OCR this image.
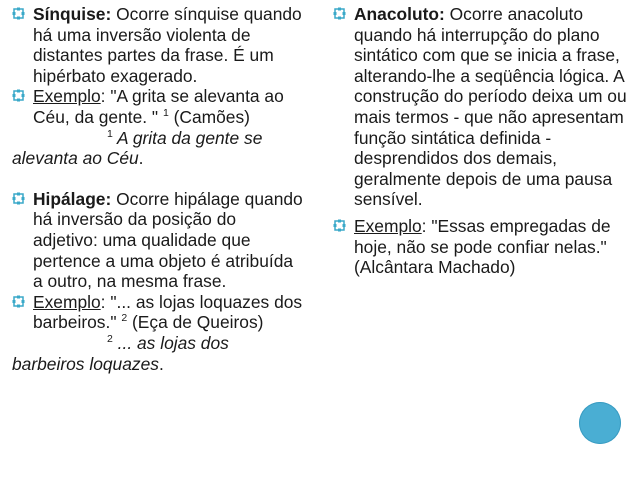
Sínquise: Ocorre sínquise quando há uma inversão violenta de distantes partes da frase. É um hipérbato exagerado.
Exemplo: "A grita se alevanta ao Céu, da gente. " $^1$ (Camões)
$^1$ A grita da gente se
alevanta ao Céu.
Hipálage: Ocorre hipálage quando há inversão da posição do adjetivo: uma qualidade que pertence a uma objeto é atribuída a outro, na mesma frase.
Exemplo: "... as lojas loquazes dos barbeiros." $^2$ (Eça de Queiros)
$^2$ ... as lojas dos
barbeiros loquazes.
Anacoluto: Ocorre anacoluto quando há interrupção do plano sintático com que se inicia a frase, alterando-lhe a seqüência lógica. A construção do período deixa um ou mais termos - que não apresentam função sintática definida - desprendidos dos demais, geralmente depois de uma pausa sensível.
Exemplo: "Essas empregadas de hoje, não se pode confiar nelas." (Alcântara Machado)
